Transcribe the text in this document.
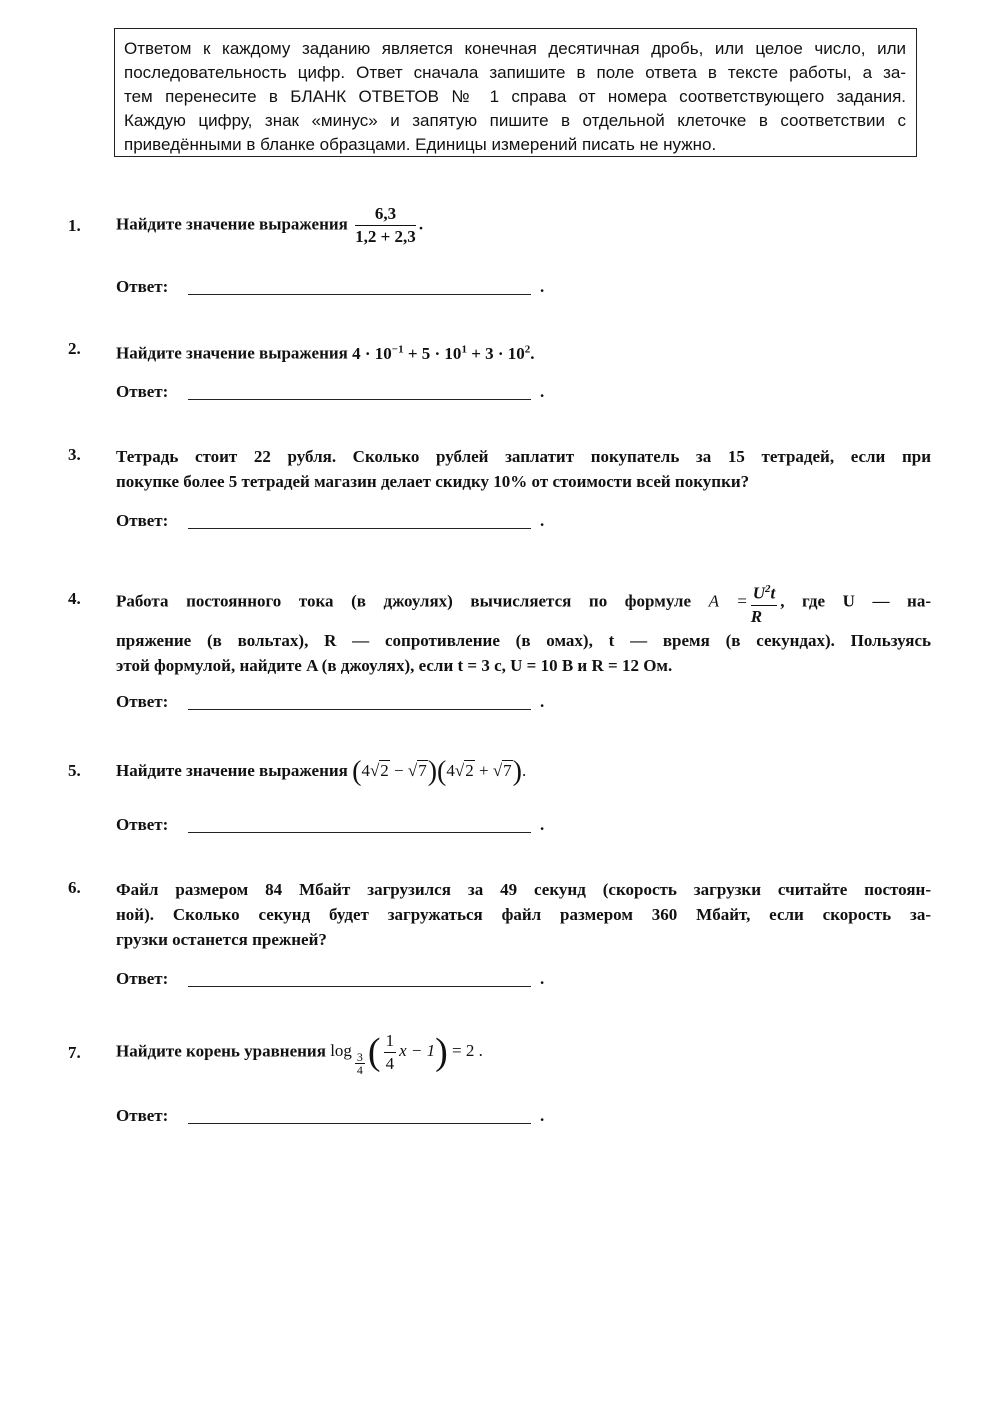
Ответом к каждому заданию является конечная десятичная дробь, или целое число, или
последовательность цифр. Ответ сначала запишите в поле ответа в тексте работы, а за-
тем перенесите в БЛАНК ОТВЕТОВ № 1 справа от номера соответствующего задания.
Каждую цифру, знак «минус» и запятую пишите в отдельной клеточке в соответствии с
приведёнными в бланке образцами. Единицы измерений писать не нужно.
1. Найдите значение выражения $\frac{6,3}{1,2 + 2,3}$ .
Ответ:	.
2. Найдите значение выражения $4 \cdot 10^{-1} + 5 \cdot 10^1 + 3 \cdot 10^2$.
Ответ:	.
3. Тетрадь стоит 22 рубля. Сколько рублей заплатит покупатель за 15 тетрадей, если при
покупке более 5 тетрадей магазин делает скидку 10% от стоимости всей покупки?
Ответ:	.
4. Работа постоянного тока (в джоулях) вычисляется по формуле $A = \frac{U^2t}{R}$ , где U — на-
пряжение (в вольтах), R — сопротивление (в омах), t — время (в секундах). Пользуясь
этой формулой, найдите A (в джоулях), если t = 3 с, U = 10 В и R = 12 Ом.
Ответ:	.
5. Найдите значение выражения (4√2 − √7)(4√2 + √7).
Ответ:	.
6. Файл размером 84 Мбайт загрузился за 49 секунд (скорость загрузки считайте постоян-
ной). Сколько секунд будет загружаться файл размером 360 Мбайт, если скорость за-
грузки останется прежней?
Ответ:	.
7. Найдите корень уравнения log
$\frac{3}{4}$ ( $\frac{1}{4}$ x − 1) = 2 .
Ответ:	.
